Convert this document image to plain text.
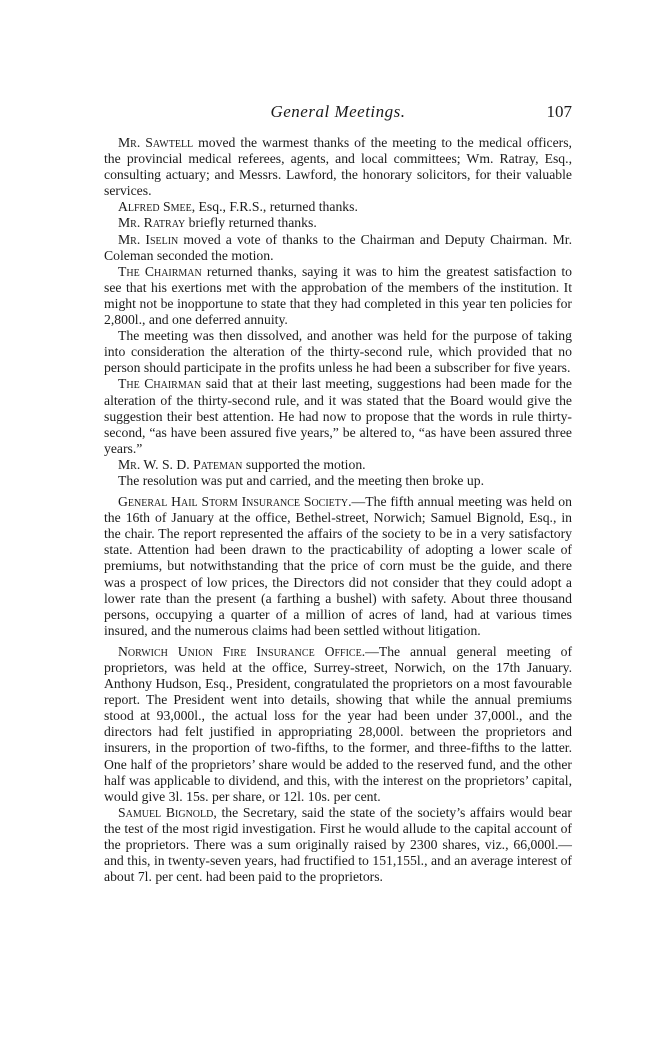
General Meetings.	107

Mr. Sawtell moved the warmest thanks of the meeting to the medical officers, the provincial medical referees, agents, and local committees; Wm. Ratray, Esq., consulting actuary; and Messrs. Lawford, the honorary solicitors, for their valuable services.

Alfred Smee, Esq., F.R.S., returned thanks.

Mr. Ratray briefly returned thanks.

Mr. Iselin moved a vote of thanks to the Chairman and Deputy Chairman. Mr. Coleman seconded the motion.

The Chairman returned thanks, saying it was to him the greatest satisfaction to see that his exertions met with the approbation of the members of the institution. It might not be inopportune to state that they had completed in this year ten policies for 2,800l., and one deferred annuity.

The meeting was then dissolved, and another was held for the purpose of taking into consideration the alteration of the thirty-second rule, which provided that no person should participate in the profits unless he had been a subscriber for five years.

The Chairman said that at their last meeting, suggestions had been made for the alteration of the thirty-second rule, and it was stated that the Board would give the suggestion their best attention. He had now to propose that the words in rule thirty-second, “as have been assured five years,” be altered to, “as have been assured three years.”

Mr. W. S. D. Pateman supported the motion.

The resolution was put and carried, and the meeting then broke up.

General Hail Storm Insurance Society.—The fifth annual meeting was held on the 16th of January at the office, Bethel-street, Norwich; Samuel Bignold, Esq., in the chair. The report represented the affairs of the society to be in a very satisfactory state. Attention had been drawn to the practicability of adopting a lower scale of premiums, but notwithstanding that the price of corn must be the guide, and there was a prospect of low prices, the Directors did not consider that they could adopt a lower rate than the present (a farthing a bushel) with safety. About three thousand persons, occupying a quarter of a million of acres of land, had at various times insured, and the numerous claims had been settled without litigation.

Norwich Union Fire Insurance Office.—The annual general meeting of proprietors, was held at the office, Surrey-street, Norwich, on the 17th January. Anthony Hudson, Esq., President, congratulated the proprietors on a most favourable report. The President went into details, showing that while the annual premiums stood at 93,000l., the actual loss for the year had been under 37,000l., and the directors had felt justified in appropriating 28,000l. between the proprietors and insurers, in the proportion of two-fifths, to the former, and three-fifths to the latter. One half of the proprietors’ share would be added to the reserved fund, and the other half was applicable to dividend, and this, with the interest on the proprietors’ capital, would give 3l. 15s. per share, or 12l. 10s. per cent.

Samuel Bignold, the Secretary, said the state of the society’s affairs would bear the test of the most rigid investigation. First he would allude to the capital account of the proprietors. There was a sum originally raised by 2300 shares, viz., 66,000l.—and this, in twenty-seven years, had fructified to 151,155l., and an average interest of about 7l. per cent. had been paid to the proprietors.
